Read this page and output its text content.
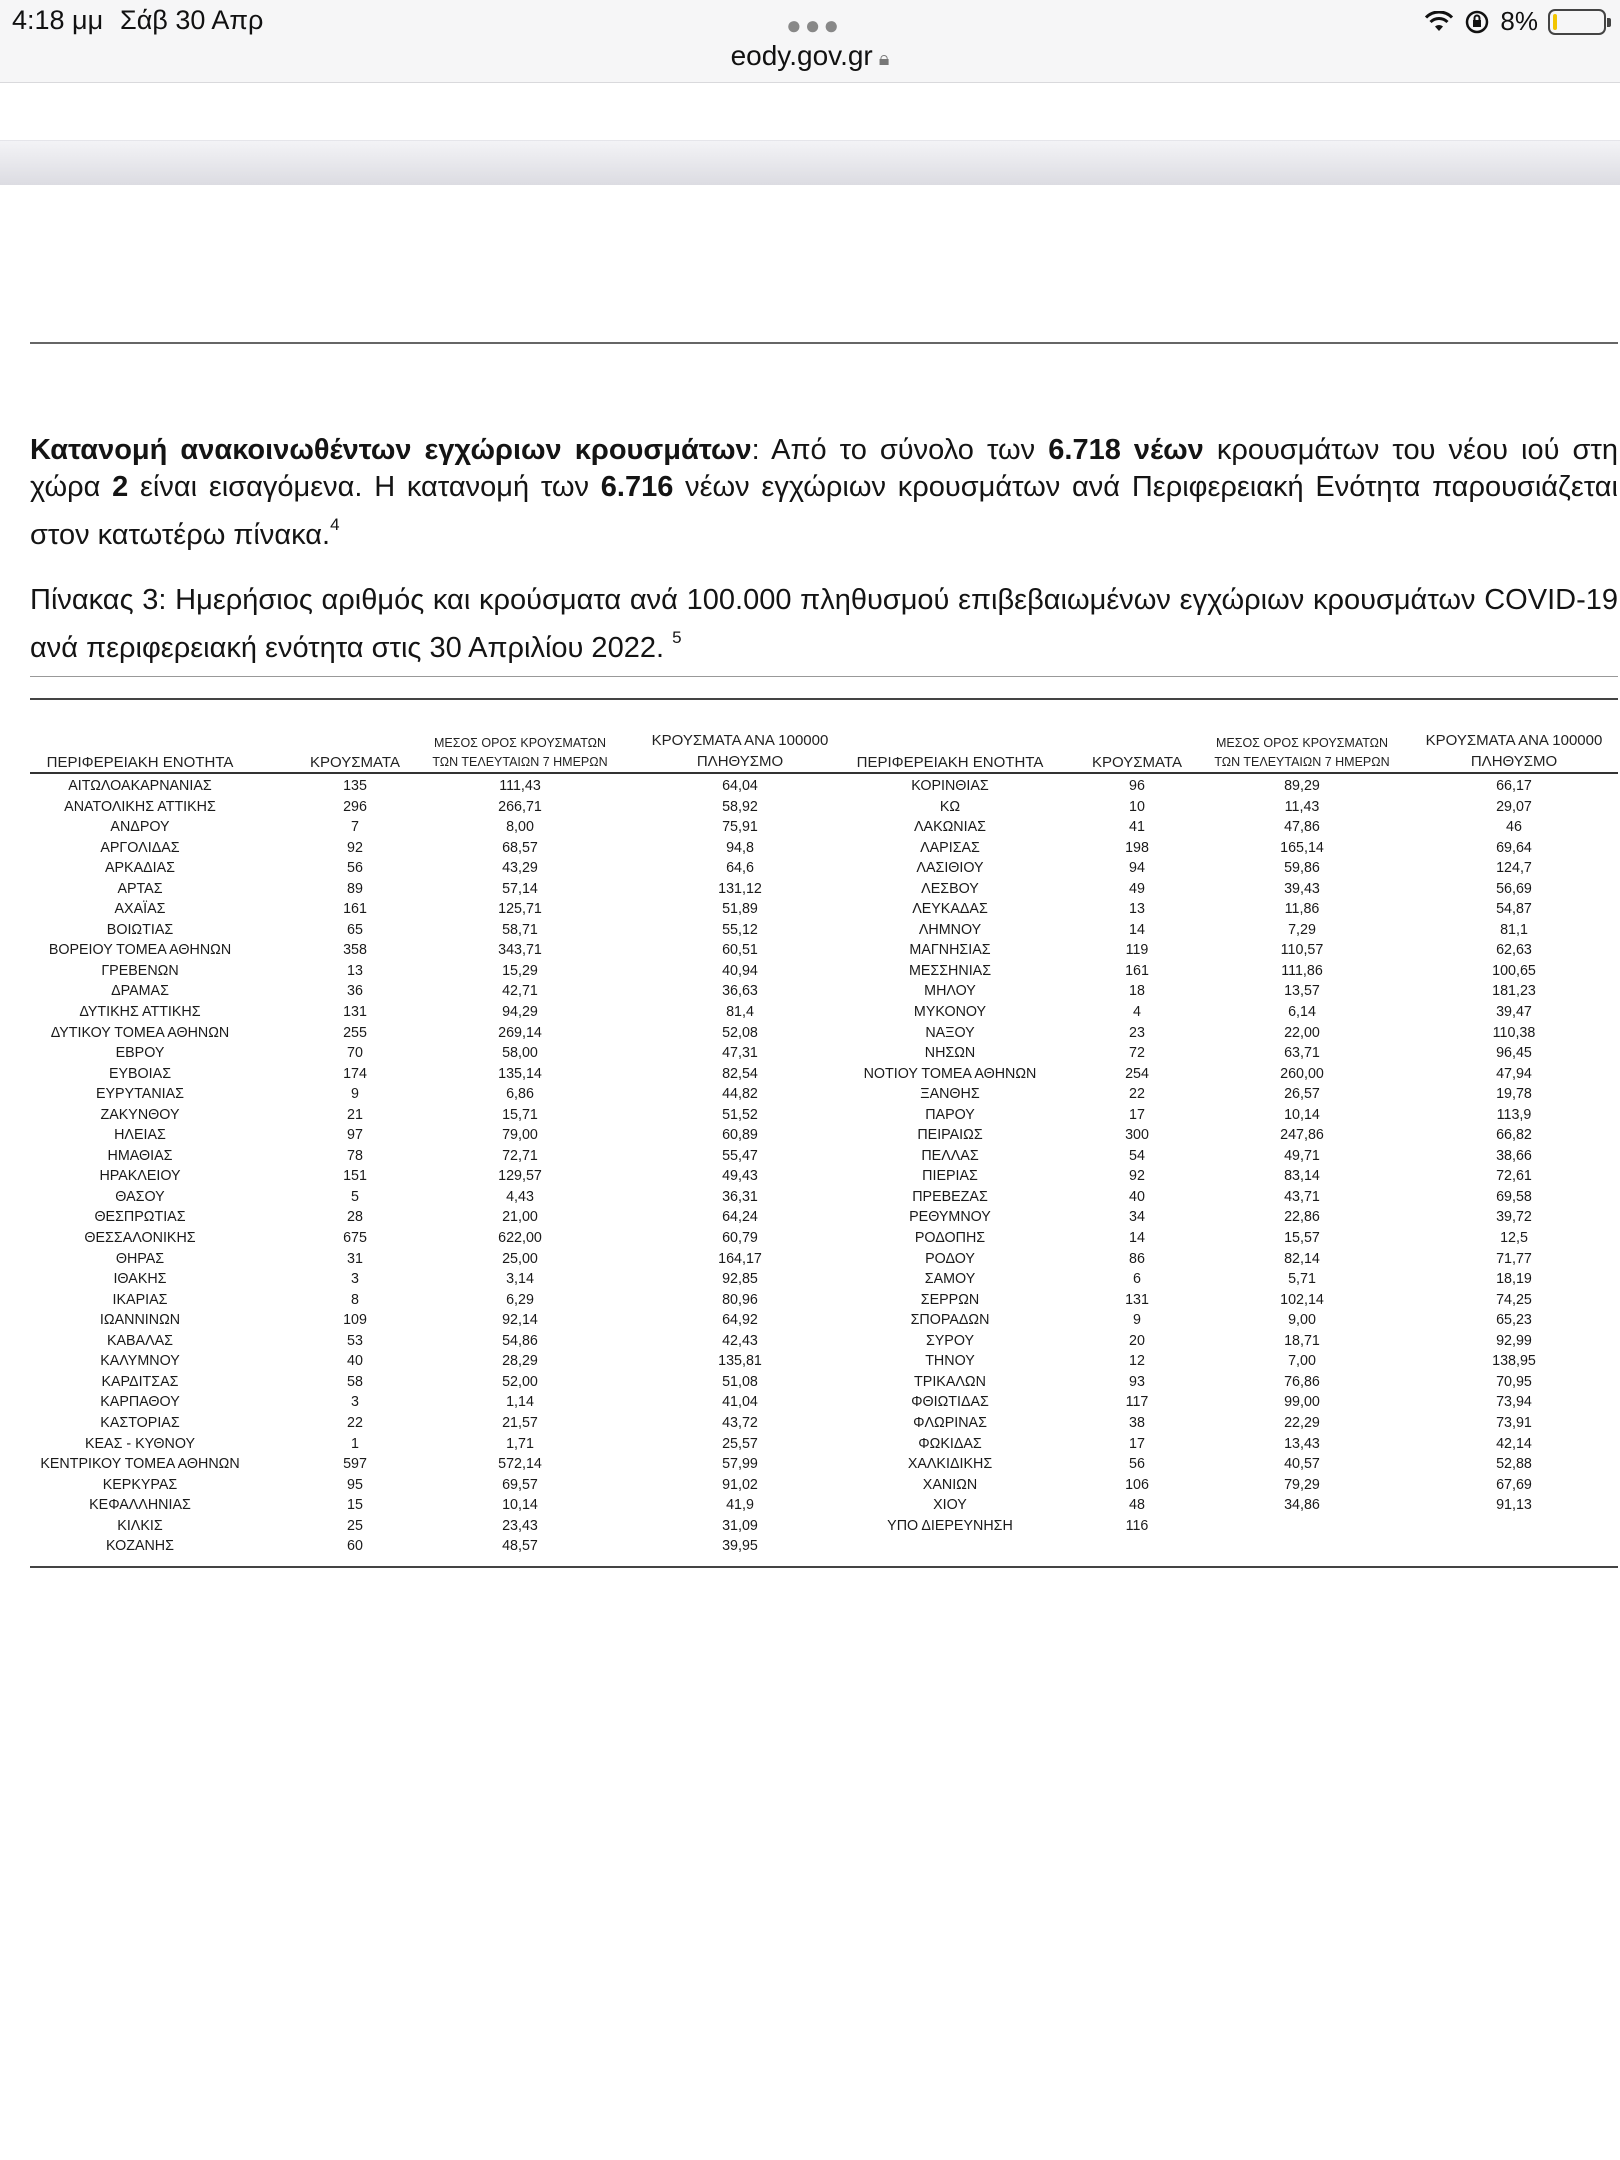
4:18 μμ Σάβ 30 Απρ	●●●
eody.gov.gr 🔒︎
8%
Κατανομή ανακοινωθέντων εγχώριων κρουσμάτων: Από το σύνολο των 6.718 νέων κρουσμάτων του νέου ιού στη χώρα 2 είναι εισαγόμενα. Η κατανομή των 6.716 νέων εγχώριων κρουσμάτων ανά Περιφερειακή Ενότητα παρουσιάζεται στον κατωτέρω πίνακα.$^4$
Πίνακας 3: Ημερήσιος αριθμός και κρούσματα ανά 100.000 πληθυσμού επιβεβαιωμένων εγχώριων κρουσμάτων COVID-19 ανά περιφερειακή ενότητα στις 30 Απριλίου 2022. $^5$
ΠΕΡΙΦΕΡΕΙΑΚΗ ΕΝΟΤΗΤΑ	ΚΡΟΥΣΜΑΤΑ
ΜΕΣΟΣ ΟΡΟΣ ΚΡΟΥΣΜΑΤΩΝ
ΤΩΝ ΤΕΛΕΥΤΑΙΩΝ 7 ΗΜΕΡΩΝ
ΚΡΟΥΣΜΑΤΑ ΑΝΑ 100000
ΠΛΗΘΥΣΜΟ	ΠΕΡΙΦΕΡΕΙΑΚΗ ΕΝΟΤΗΤΑ	ΚΡΟΥΣΜΑΤΑ
ΜΕΣΟΣ ΟΡΟΣ ΚΡΟΥΣΜΑΤΩΝ
ΤΩΝ ΤΕΛΕΥΤΑΙΩΝ 7 ΗΜΕΡΩΝ
ΚΡΟΥΣΜΑΤΑ ΑΝΑ 100000
ΠΛΗΘΥΣΜΟ
ΑΙΤΩΛΟΑΚΑΡΝΑΝΙΑΣ	135	111,43	64,04	ΚΟΡΙΝΘΙΑΣ	96	89,29	66,17
ΑΝΑΤΟΛΙΚΗΣ ΑΤΤΙΚΗΣ	296	266,71	58,92	ΚΩ	10	11,43	29,07
ΑΝΔΡΟΥ	7	8,00	75,91	ΛΑΚΩΝΙΑΣ	41	47,86	46
ΑΡΓΟΛΙΔΑΣ	92	68,57	94,8	ΛΑΡΙΣΑΣ	198	165,14	69,64
ΑΡΚΑΔΙΑΣ	56	43,29	64,6	ΛΑΣΙΘΙΟΥ	94	59,86	124,7
ΑΡΤΑΣ	89	57,14	131,12	ΛΕΣΒΟΥ	49	39,43	56,69
ΑΧΑΪΑΣ	161	125,71	51,89	ΛΕΥΚΑΔΑΣ	13	11,86	54,87
ΒΟΙΩΤΙΑΣ	65	58,71	55,12	ΛΗΜΝΟΥ	14	7,29	81,1
ΒΟΡΕΙΟΥ ΤΟΜΕΑ ΑΘΗΝΩΝ	358	343,71	60,51	ΜΑΓΝΗΣΙΑΣ	119	110,57	62,63
ΓΡΕΒΕΝΩΝ	13	15,29	40,94	ΜΕΣΣΗΝΙΑΣ	161	111,86	100,65
ΔΡΑΜΑΣ	36	42,71	36,63	ΜΗΛΟΥ	18	13,57	181,23
ΔΥΤΙΚΗΣ ΑΤΤΙΚΗΣ	131	94,29	81,4	ΜΥΚΟΝΟΥ	4	6,14	39,47
ΔΥΤΙΚΟΥ ΤΟΜΕΑ ΑΘΗΝΩΝ	255	269,14	52,08	ΝΑΞΟΥ	23	22,00	110,38
ΕΒΡΟΥ	70	58,00	47,31	ΝΗΣΩΝ	72	63,71	96,45
ΕΥΒΟΙΑΣ	174	135,14	82,54	ΝΟΤΙΟΥ ΤΟΜΕΑ ΑΘΗΝΩΝ	254	260,00	47,94
ΕΥΡΥΤΑΝΙΑΣ	9	6,86	44,82	ΞΑΝΘΗΣ	22	26,57	19,78
ΖΑΚΥΝΘΟΥ	21	15,71	51,52	ΠΑΡΟΥ	17	10,14	113,9
ΗΛΕΙΑΣ	97	79,00	60,89	ΠΕΙΡΑΙΩΣ	300	247,86	66,82
ΗΜΑΘΙΑΣ	78	72,71	55,47	ΠΕΛΛΑΣ	54	49,71	38,66
ΗΡΑΚΛΕΙΟΥ	151	129,57	49,43	ΠΙΕΡΙΑΣ	92	83,14	72,61
ΘΑΣΟΥ	5	4,43	36,31	ΠΡΕΒΕΖΑΣ	40	43,71	69,58
ΘΕΣΠΡΩΤΙΑΣ	28	21,00	64,24	ΡΕΘΥΜΝΟΥ	34	22,86	39,72
ΘΕΣΣΑΛΟΝΙΚΗΣ	675	622,00	60,79	ΡΟΔΟΠΗΣ	14	15,57	12,5
ΘΗΡΑΣ	31	25,00	164,17	ΡΟΔΟΥ	86	82,14	71,77
ΙΘΑΚΗΣ	3	3,14	92,85	ΣΑΜΟΥ	6	5,71	18,19
ΙΚΑΡΙΑΣ	8	6,29	80,96	ΣΕΡΡΩΝ	131	102,14	74,25
ΙΩΑΝΝΙΝΩΝ	109	92,14	64,92	ΣΠΟΡΑΔΩΝ	9	9,00	65,23
ΚΑΒΑΛΑΣ	53	54,86	42,43	ΣΥΡΟΥ	20	18,71	92,99
ΚΑΛΥΜΝΟΥ	40	28,29	135,81	ΤΗΝΟΥ	12	7,00	138,95
ΚΑΡΔΙΤΣΑΣ	58	52,00	51,08	ΤΡΙΚΑΛΩΝ	93	76,86	70,95
ΚΑΡΠΑΘΟΥ	3	1,14	41,04	ΦΘΙΩΤΙΔΑΣ	117	99,00	73,94
ΚΑΣΤΟΡΙΑΣ	22	21,57	43,72	ΦΛΩΡΙΝΑΣ	38	22,29	73,91
ΚΕΑΣ - ΚΥΘΝΟΥ	1	1,71	25,57	ΦΩΚΙΔΑΣ	17	13,43	42,14
ΚΕΝΤΡΙΚΟΥ ΤΟΜΕΑ ΑΘΗΝΩΝ	597	572,14	57,99	ΧΑΛΚΙΔΙΚΗΣ	56	40,57	52,88
ΚΕΡΚΥΡΑΣ	95	69,57	91,02	ΧΑΝΙΩΝ	106	79,29	67,69
ΚΕΦΑΛΛΗΝΙΑΣ	15	10,14	41,9	ΧΙΟΥ	48	34,86	91,13
ΚΙΛΚΙΣ	25	23,43	31,09	ΥΠΟ ΔΙΕΡΕΥΝΗΣΗ	116
ΚΟΖΑΝΗΣ	60	48,57	39,95
